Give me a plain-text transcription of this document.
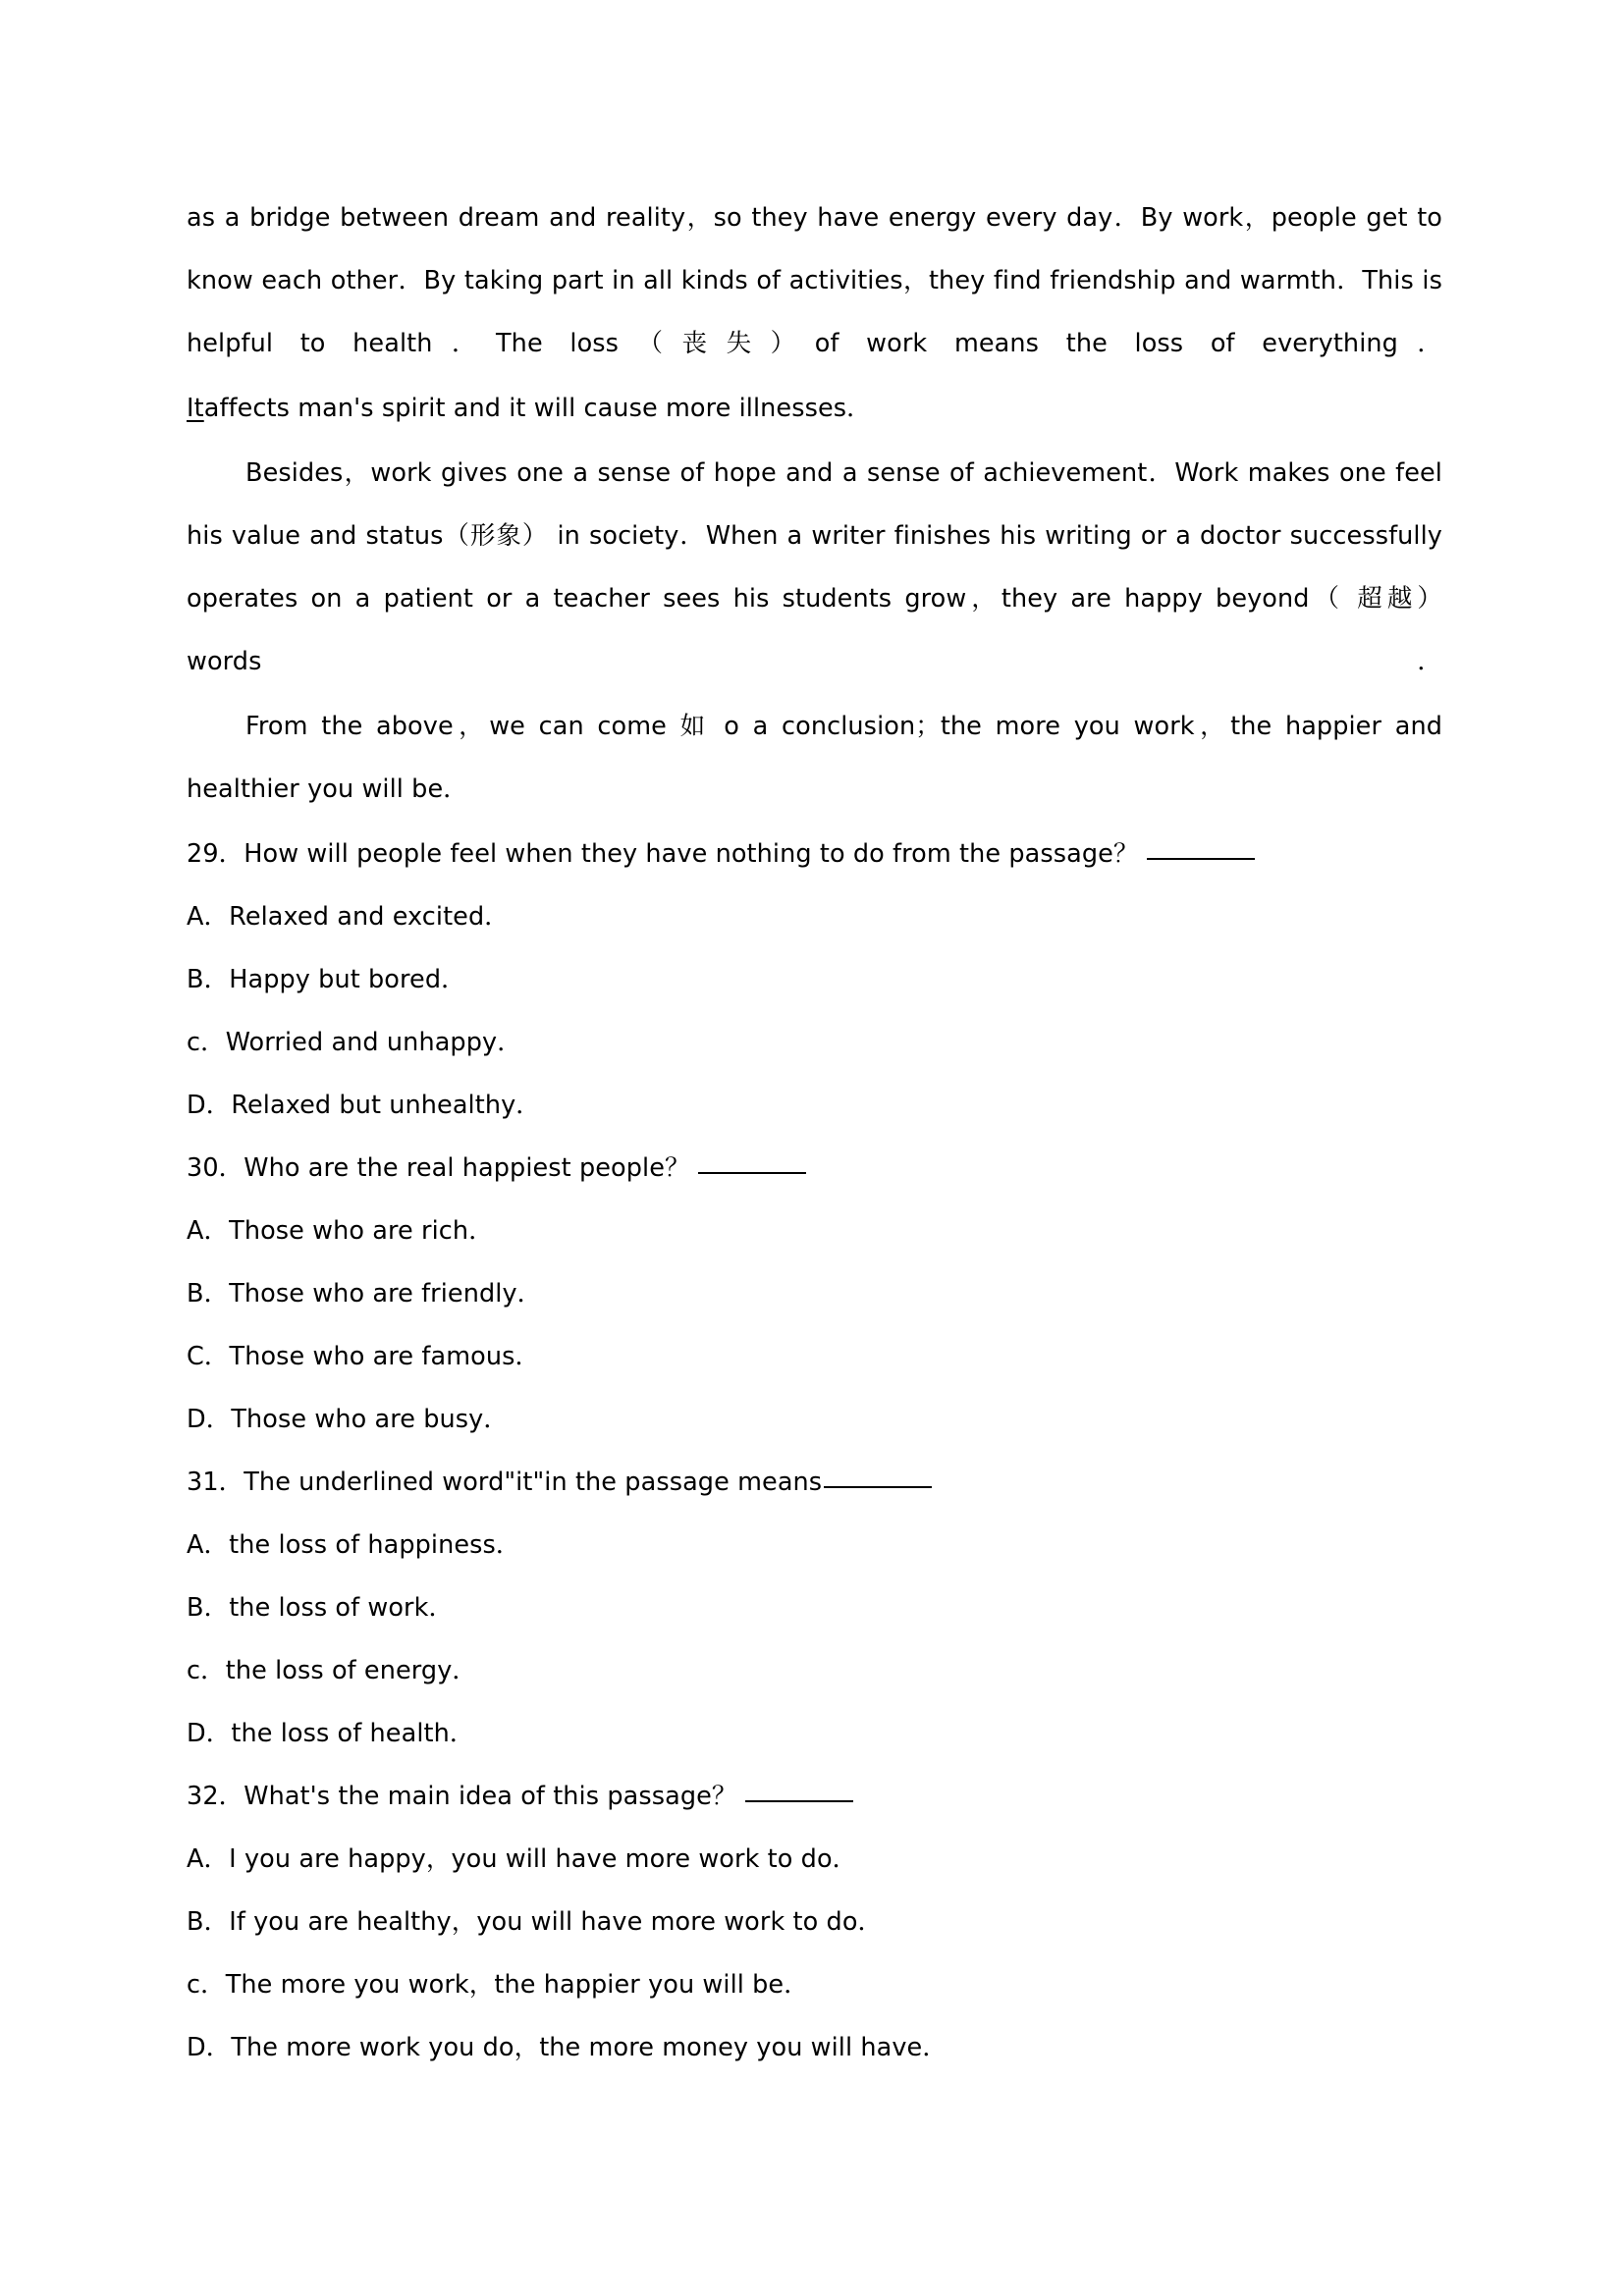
as a bridge between dream and reality，so they have energy every day．By work，people get to know each other．By taking part in all kinds of activities，they find friendship and warmth．This is helpful to health．The loss（丧失）of work means the loss of everything．

Itaffects man's spirit and it will cause more illnesses．

Besides，work gives one a sense of hope and a sense of achievement．Work makes one feel his value and status（形象） in society．When a writer finishes his writing or a doctor successfully operates on a patient or a teacher sees his students grow，they are happy beyond（ 超越） words．

From the above，we can come 如 o a conclusion；the more you work，the happier and healthier you will be．

29．How will people feel when they have nothing to do from the passage？

A．Relaxed and excited．

B．Happy but bored．

c．Worried and unhappy．

D．Relaxed but unhealthy．

30．Who are the real happiest people？

A．Those who are rich．

B．Those who are friendly．

C．Those who are famous．

D．Those who are busy．

31．The underlined word"it"in the passage means

A．the loss of happiness．

B．the loss of work．

c．the loss of energy．

D．the loss of health．

32．What's the main idea of this passage？

A．I you are happy，you will have more work to do．

B．If you are healthy，you will have more work to do．

c．The more you work，the happier you will be．

D．The more work you do，the more money you will have．
